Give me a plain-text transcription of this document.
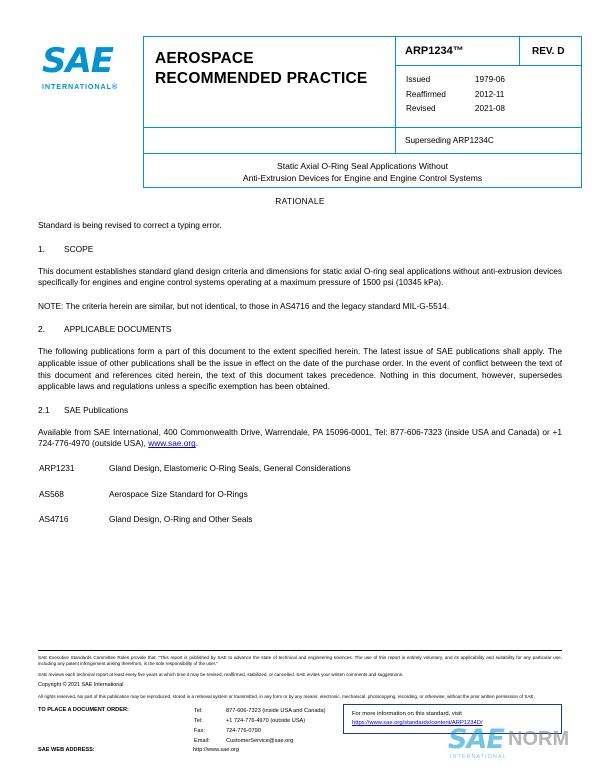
SAE
INTERNATIONAL®
AEROSPACE
RECOMMENDED PRACTICE
ARP1234™	REV. D
Issued	1979-06
Reaffirmed	2012-11
Revised	2021-08
Superseding ARP1234C
Static Axial O-Ring Seal Applications Without
Anti-Extrusion Devices for Engine and Engine Control Systems
RATIONALE

Standard is being revised to correct a typing error.

1. SCOPE

This document establishes standard gland design criteria and dimensions for static axial O-ring seal applications without anti-extrusion devices specifically for engines and engine control systems operating at a maximum pressure of 1500 psi (10345 kPa).

NOTE: The criteria herein are similar, but not identical, to those in AS4716 and the legacy standard MIL-G-5514.

2. APPLICABLE DOCUMENTS

The following publications form a part of this document to the extent specified herein. The latest issue of SAE publications shall apply. The applicable issue of other publications shall be the issue in effect on the date of the purchase order. In the event of conflict between the text of this document and references cited herein, the text of this document takes precedence. Nothing in this document, however, supersedes applicable laws and regulations unless a specific exemption has been obtained.

2.1 SAE Publications

Available from SAE International, 400 Commonwealth Drive, Warrendale, PA 15096-0001, Tel: 877-606-7323 (inside USA and Canada) or +1 724-776-4970 (outside USA), www.sae.org.

ARP1231	Gland Design, Elastomeric O-Ring Seals, General Considerations
AS568	Aerospace Size Standard for O-Rings
AS4716	Gland Design, O-Ring and Other Seals

SAE Executive Standards Committee Rules provide that: “This report is published by SAE to advance the state of technical and engineering sciences. The use of this report is entirely voluntary, and its applicability and suitability for any particular use, including any patent infringement arising therefrom, is the sole responsibility of the user.”

SAE reviews each technical report at least every five years at which time it may be revised, reaffirmed, stabilized, or cancelled. SAE invites your written comments and suggestions.

Copyright © 2021 SAE International

All rights reserved. No part of this publication may be reproduced, stored in a retrieval system or transmitted, in any form or by any means, electronic, mechanical, photocopying, recording, or otherwise, without the prior written permission of SAE.

TO PLACE A DOCUMENT ORDER:	Tel:	877-606-7323 (inside USA and Canada)
Tel:	+1 724-776-4970 (outside USA)
Fax:	724-776-0790
Email:	CustomerService@sae.org
SAE WEB ADDRESS:	http://www.sae.org
For more information on this standard, visit
https://www.sae.org/standards/content/ARP1234D/
SAE NORM
INTERNATIONAL
